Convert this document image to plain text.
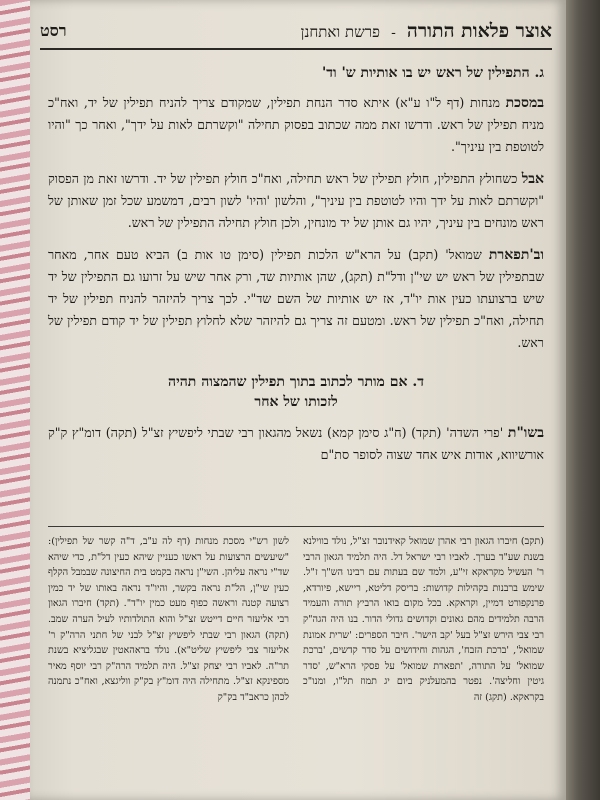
אוצר פלאות התורה - פרשת ואתחנן
רסט
ג. התפילין של ראש יש בו אותיות ש' וד'

במסכת מנחות (דף ל"ו ע"א) איתא סדר הנחת תפילין, שמקודם צריך להניח תפילין של יד, ואח"כ מניח תפילין של ראש. ודרשו זאת ממה שכתוב בפסוק תחילה "וקשרתם לאות על ידך", ואחר כך "והיו לטוטפת בין עיניך".

אבל כשחולץ התפילין, חולץ תפילין של ראש תחילה, ואח"כ חולץ תפילין של יד. ודרשו זאת מן הפסוק "וקשרתם לאות על ידך והיו לטוטפת בין עיניך", והלשון 'והיו' לשון רבים, דמשמע שכל זמן שאותן של ראש מונחים בין עיניך, יהיו גם אותן של יד מונחין, ולכן חולץ תחילה התפילין של ראש.

וב'תפארת שמואל' (תקב) על הרא"ש הלכות תפילין (סימן טו אות ב) הביא טעם אחר, מאחר שבתפילין של ראש יש שי"ן ודל"ת (תקג), שהן אותיות שד, ורק אחר שיש על זרועו גם התפילין של יד שיש ברצועתו כעין אות יו"ד, אז יש אותיות של השם שד"י. לכך צריך להיזהר להניח תפילין של יד תחילה, ואח"כ תפילין של ראש. ומטעם זה צריך גם להיזהר שלא לחלוץ תפילין של יד קודם תפילין של ראש.

ד. אם מותר לכתוב בתוך תפילין שהמצוה תהיה
לזכותו של אחר

בשו"ת 'פרי השדה' (תקד) (ח"ג סימן קמא) נשאל מהגאון רבי שבתי ליפשיץ זצ"ל (תקה) דומ"ץ ק"ק אורשיווא, אודות איש אחד שצוה לסופר סת"ם

(תקב) חיברו הגאון רבי אהרן שמואל קאידנובר זצ"ל, נולד בווילנא בשנת שע"ד בערך. לאביו רבי ישראל דל. היה תלמיד הגאון הרבי ר' העשיל מקראקא זי"ע, ולמד שם בעתות עם רבינו הש"ך ז"ל. שימש ברבנות בקהילות קדושות: בריסק דליטא, ריישא, פיורדא, פרנקפורט דמיין, וקראקא. בכל מקום בואו הרביץ תורה והעמיד הרבה תלמידים מהם גאונים וקדושים גדולי הדור. בנו היה הגה"ק רבי צבי הירש זצ"ל בעל 'קב הישר'. חיבר הספרים: 'שרית אמונת שמואל', 'ברכת הזבח', הגהות וחידושים על סדר קדשים, 'ברכת שמואל' על התורה, 'תפארת שמואל' על פסקי הרא"ש, 'סדר גיטין וחליצה'. נפטר בהמעלניק ביום יג תמוז תל"ו, ומנו"כ בקראקא. (תקג) זה

לשון רש"י מסכת מנחות (דף לה ע"ב, ד"ה קשר של תפילין): "שיעשים הרצועות על ראשו כעניין שיהא כעין דל"ת, כדי שיהא שד"י נראה עליהן. השי"ן נראה בקמט בית החיצונה שבמבל הקלף כעין שי"ן, הל"ת נראה בקשר, והיו"ד נראה באותו של יד כמין רצועה קטנה וראשה כפוף מעט כמין יו"ד". (תקד) חיברו הגאון רבי אליעזר חיים דייטש זצ"ל והוא התולדותיו לעיל הערה שמב. (תקה) הגאון רבי שבתי ליפשיץ זצ"ל לבני של חתני הרה"ק ר' אליעזר צבי ליפשיץ שליט"א). נולד בראהאטין שבגליציא בשנת תר"ה. לאביו רבי יצחק זצ"ל. היה תלמיד הרה"ק רבי יוסף מאיר מספינקא זצ"ל. מתחילה היה דומ"ץ בק"ק ווליגצא, ואח"כ נתמנה לכהן כראב"ד בק"ק
